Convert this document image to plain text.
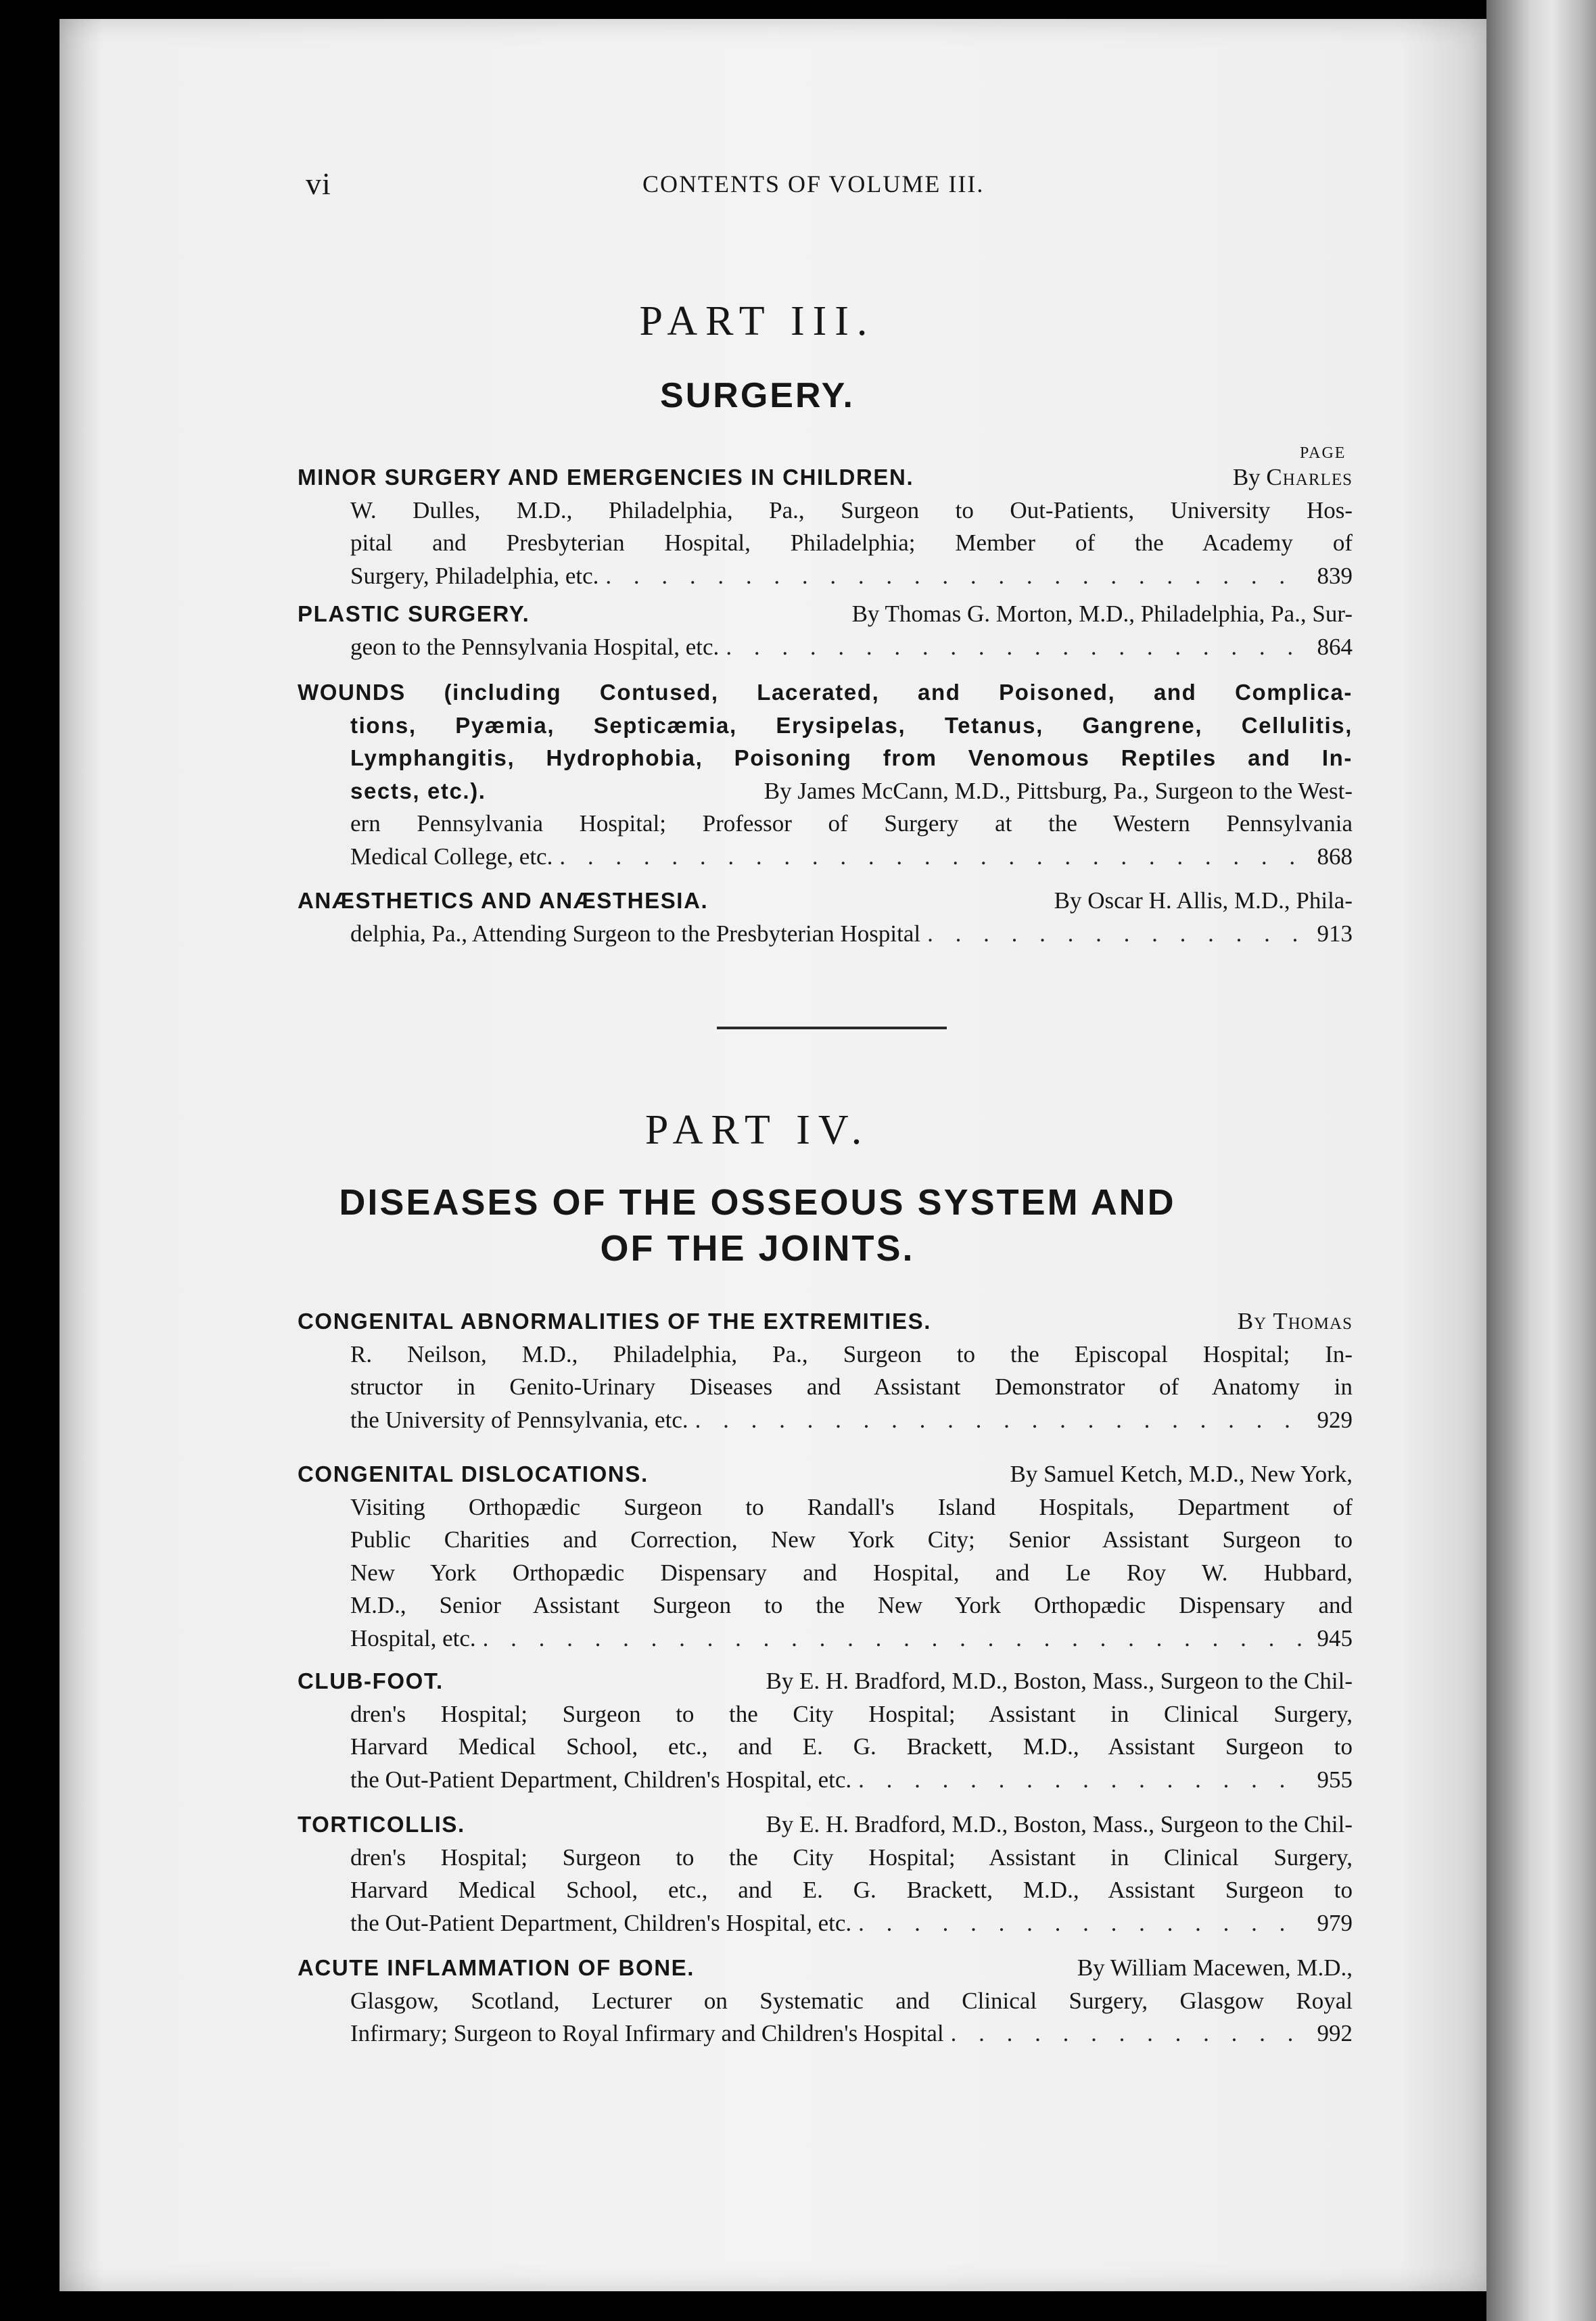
vi	CONTENTS OF VOLUME III.
PART III.
SURGERY.
PAGE
MINOR SURGERY AND EMERGENCIES IN CHILDREN.	By Charles
W. Dulles, M.D., Philadelphia, Pa., Surgeon to Out-Patients, University Hos-
pital and Presbyterian Hospital, Philadelphia; Member of the Academy of
Surgery, Philadelphia, etc. . . .	839
PLASTIC SURGERY.	By Thomas G. Morton, M.D., Philadelphia, Pa., Sur-
geon to the Pennsylvania Hospital, etc. . . .	864
WOUNDS (including Contused, Lacerated, and Poisoned, and Complica-
tions, Pyæmia, Septicæmia, Erysipelas, Tetanus, Gangrene, Cellulitis,
Lymphangitis, Hydrophobia, Poisoning from Venomous Reptiles and In-
sects, etc.).	By James McCann, M.D., Pittsburg, Pa., Surgeon to the West-
ern Pennsylvania Hospital; Professor of Surgery at the Western Pennsylvania
Medical College, etc. . . .	868
ANÆSTHETICS AND ANÆSTHESIA.	By Oscar H. Allis, M.D., Phila-
delphia, Pa., Attending Surgeon to the Presbyterian Hospital . . .	913
PART IV.
DISEASES OF THE OSSEOUS SYSTEM AND
OF THE JOINTS.
CONGENITAL ABNORMALITIES OF THE EXTREMITIES.	By Thomas
R. Neilson, M.D., Philadelphia, Pa., Surgeon to the Episcopal Hospital; In-
structor in Genito-Urinary Diseases and Assistant Demonstrator of Anatomy in
the University of Pennsylvania, etc. . . .	929
CONGENITAL DISLOCATIONS.	By Samuel Ketch, M.D., New York,
Visiting Orthopædic Surgeon to Randall's Island Hospitals, Department of
Public Charities and Correction, New York City; Senior Assistant Surgeon to
New York Orthopædic Dispensary and Hospital, and Le Roy W. Hubbard,
M.D., Senior Assistant Surgeon to the New York Orthopædic Dispensary and
Hospital, etc. . . .	945
CLUB-FOOT.	By E. H. Bradford, M.D., Boston, Mass., Surgeon to the Chil-
dren's Hospital; Surgeon to the City Hospital; Assistant in Clinical Surgery,
Harvard Medical School, etc., and E. G. Brackett, M.D., Assistant Surgeon to
the Out-Patient Department, Children's Hospital, etc. . . .	955
TORTICOLLIS.	By E. H. Bradford, M.D., Boston, Mass., Surgeon to the Chil-
dren's Hospital; Surgeon to the City Hospital; Assistant in Clinical Surgery,
Harvard Medical School, etc., and E. G. Brackett, M.D., Assistant Surgeon to
the Out-Patient Department, Children's Hospital, etc. . . .	979
ACUTE INFLAMMATION OF BONE.	By William Macewen, M.D.,
Glasgow, Scotland, Lecturer on Systematic and Clinical Surgery, Glasgow Royal
Infirmary; Surgeon to Royal Infirmary and Children's Hospital . . .	992
